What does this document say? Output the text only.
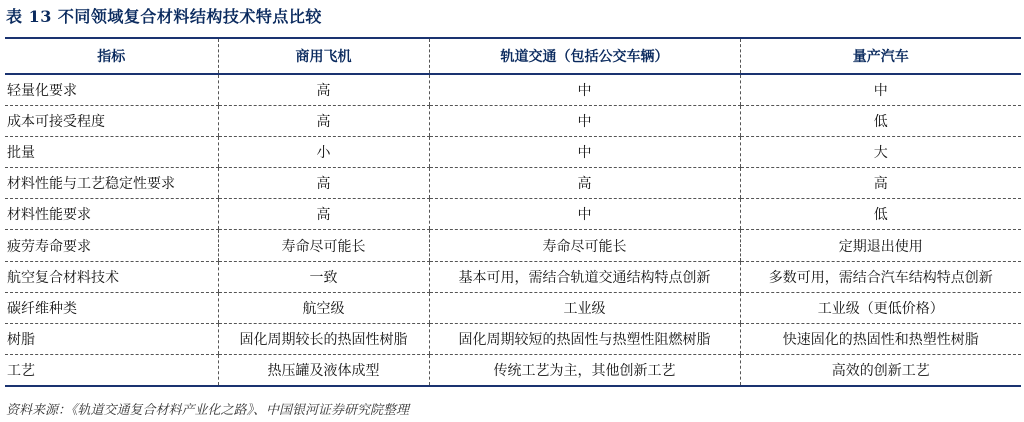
表 13 不同领域复合材料结构技术特点比较
指标	商用飞机	轨道交通（包括公交车辆）	量产汽车
轻量化要求	高	中	中
成本可接受程度	高	中	低
批量	小	中	大
材料性能与工艺稳定性要求	高	高	高
材料性能要求	高	中	低
疲劳寿命要求	寿命尽可能长	寿命尽可能长	定期退出使用
航空复合材料技术	一致	基本可用，需结合轨道交通结构特点创新	多数可用，需结合汽车结构特点创新
碳纤维种类	航空级	工业级	工业级（更低价格）
树脂	固化周期较长的热固性树脂	固化周期较短的热固性与热塑性阻燃树脂	快速固化的热固性和热塑性树脂
工艺	热压罐及液体成型	传统工艺为主，其他创新工艺	高效的创新工艺
资料来源：《轨道交通复合材料产业化之路》、中国银河证券研究院整理
